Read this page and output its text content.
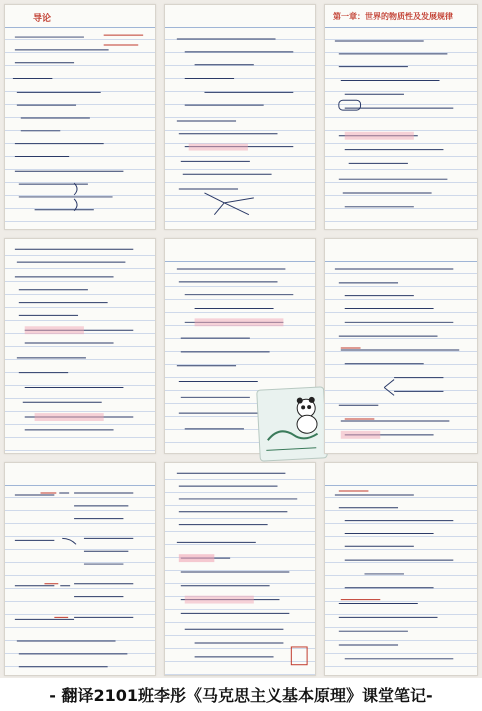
导论	第一章：世界的物质性及发展规律
- 翻译2101班李彤《马克思主义基本原理》课堂笔记-
